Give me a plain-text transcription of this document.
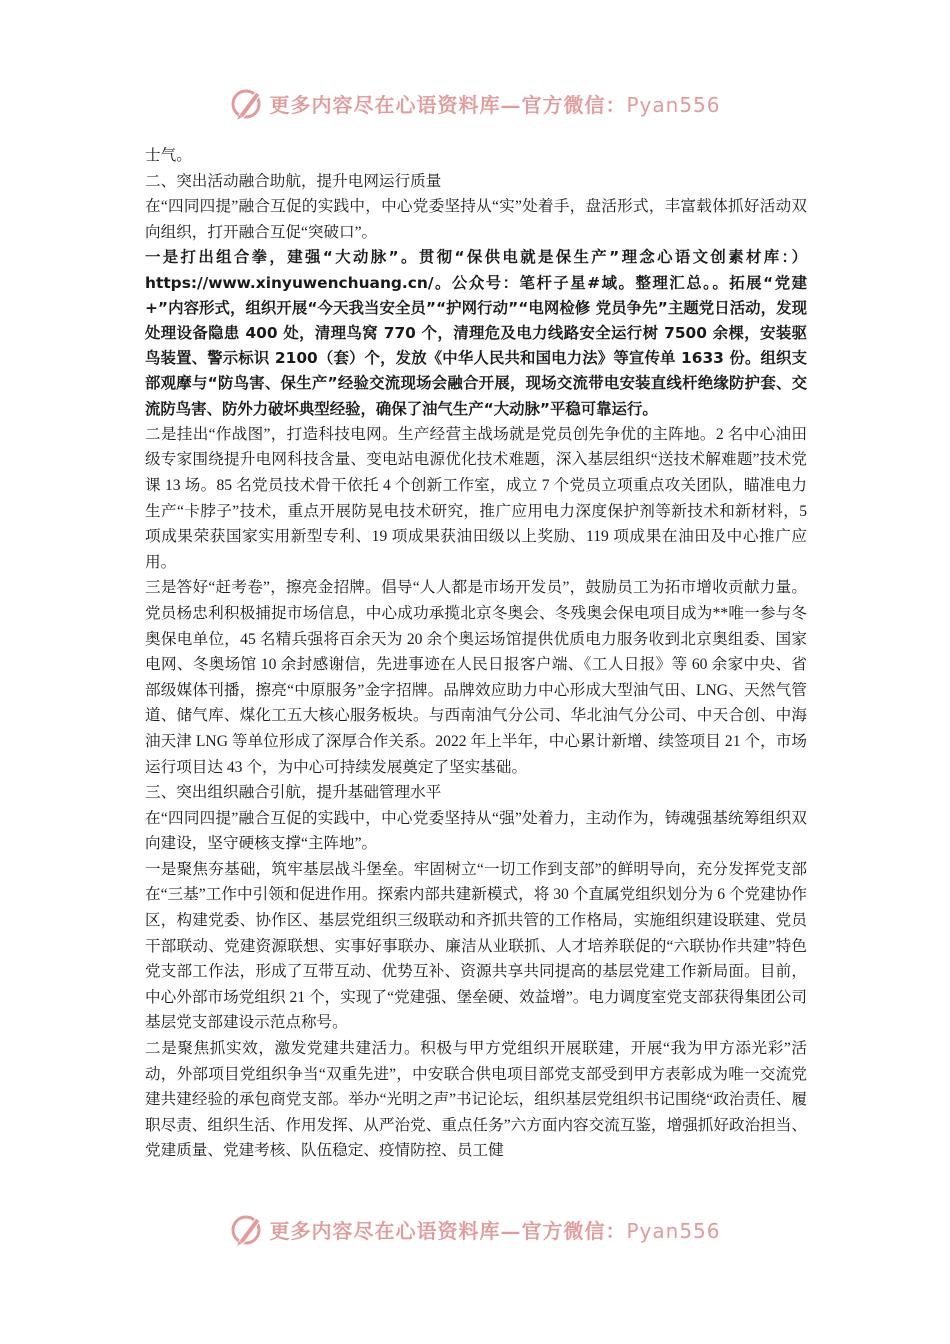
更多内容尽在心语资料库—官方微信：Pyan556

士气。

二、突出活动融合助航，提升电网运行质量

在“四同四提”融合互促的实践中，中心党委坚持从“实”处着手，盘活形式，丰富载体抓好活动双向组织，打开融合互促“突破口”。

一是打出组合拳，建强“大动脉”。贯彻“保供电就是保生产”理念心语文创素材库：）https://www.xinyuwenchuang.cn/。公众号：笔杆子星#域。整理汇总。。拓展“党建+”内容形式，组织开展“今天我当安全员”“护网行动”“电网检修 党员争先”主题党日活动，发现处理设备隐患 400 处，清理鸟窝 770 个，清理危及电力线路安全运行树 7500 余棵，安装驱鸟装置、警示标识 2100（套）个，发放《中华人民共和国电力法》等宣传单 1633 份。组织支部观摩与“防鸟害、保生产”经验交流现场会融合开展，现场交流带电安装直线杆绝缘防护套、交流防鸟害、防外力破坏典型经验，确保了油气生产“大动脉”平稳可靠运行。

二是挂出“作战图”，打造科技电网。生产经营主战场就是党员创先争优的主阵地。2 名中心油田级专家围绕提升电网科技含量、变电站电源优化技术难题，深入基层组织“送技术解难题”技术党课 13 场。85 名党员技术骨干依托 4 个创新工作室，成立 7 个党员立项重点攻关团队，瞄准电力生产“卡脖子”技术，重点开展防晃电技术研究，推广应用电力深度保护剂等新技术和新材料，5 项成果荣获国家实用新型专利、19 项成果获油田级以上奖励、119 项成果在油田及中心推广应用。

三是答好“赶考卷”，擦亮金招牌。倡导“人人都是市场开发员”，鼓励员工为拓市增收贡献力量。党员杨忠利积极捕捉市场信息，中心成功承揽北京冬奥会、冬残奥会保电项目成为**唯一参与冬奥保电单位，45 名精兵强将百余天为 20 余个奥运场馆提供优质电力服务收到北京奥组委、国家电网、冬奥场馆 10 余封感谢信，先进事迹在人民日报客户端、《工人日报》等 60 余家中央、省部级媒体刊播，擦亮“中原服务”金字招牌。品牌效应助力中心形成大型油气田、LNG、天然气管道、储气库、煤化工五大核心服务板块。与西南油气分公司、华北油气分公司、中天合创、中海油天津 LNG 等单位形成了深厚合作关系。2022 年上半年，中心累计新增、续签项目 21 个，市场运行项目达 43 个，为中心可持续发展奠定了坚实基础。

三、突出组织融合引航，提升基础管理水平

在“四同四提”融合互促的实践中，中心党委坚持从“强”处着力，主动作为，铸魂强基统筹组织双向建设，坚守硬核支撑“主阵地”。

一是聚焦夯基础，筑牢基层战斗堡垒。牢固树立“一切工作到支部”的鲜明导向，充分发挥党支部在“三基”工作中引领和促进作用。探索内部共建新模式，将 30 个直属党组织划分为 6 个党建协作区，构建党委、协作区、基层党组织三级联动和齐抓共管的工作格局，实施组织建设联建、党员干部联动、党建资源联想、实事好事联办、廉洁从业联抓、人才培养联促的“六联协作共建”特色党支部工作法，形成了互带互动、优势互补、资源共享共同提高的基层党建工作新局面。目前，中心外部市场党组织 21 个，实现了“党建强、堡垒硬、效益增”。电力调度室党支部获得集团公司基层党支部建设示范点称号。

二是聚焦抓实效，激发党建共建活力。积极与甲方党组织开展联建，开展“我为甲方添光彩”活动，外部项目党组织争当“双重先进”，中安联合供电项目部党支部受到甲方表彰成为唯一交流党建共建经验的承包商党支部。举办“光明之声”书记论坛，组织基层党组织书记围绕“政治责任、履职尽责、组织生活、作用发挥、从严治党、重点任务”六方面内容交流互鉴，增强抓好政治担当、党建质量、党建考核、队伍稳定、疫情防控、员工健

更多内容尽在心语资料库—官方微信：Pyan556
